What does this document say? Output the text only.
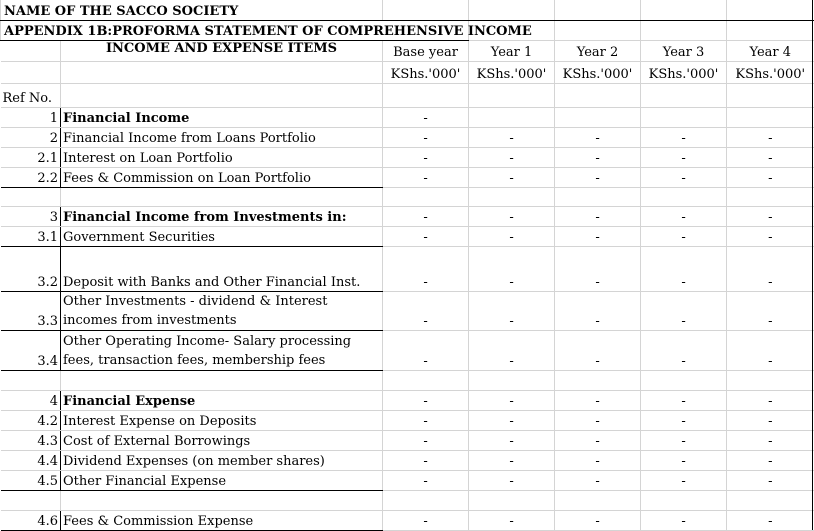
NAME OF THE SACCO SOCIETY						
APPENDIX 1B:PROFORMA STATEMENT OF COMPREHENSIVE INCOME						
	INCOME AND EXPENSE ITEMS	Base year	Year 1	Year 2	Year 3	Year 4
		KShs.'000'	KShs.'000'	KShs.'000'	KShs.'000'	KShs.'000'
Ref No.						
1	Financial Income	-				
2	Financial Income from Loans Portfolio	-	-	-	-	-
2.1	Interest on Loan Portfolio	-	-	-	-	-
2.2	Fees & Commission on Loan Portfolio	-	-	-	-	-

3	Financial Income from Investments in:	-	-	-	-	-
3.1	Government Securities	-	-	-	-	-
3.2	Deposit with Banks and Other Financial Inst.	-	-	-	-	-
3.3	Other Investments - dividend & Interest incomes from investments	-	-	-	-	-
3.4	Other Operating Income- Salary processing fees, transaction fees, membership fees	-	-	-	-	-

4	Financial Expense	-	-	-	-	-
4.2	Interest Expense on Deposits	-	-	-	-	-
4.3	Cost of External Borrowings	-	-	-	-	-
4.4	Dividend Expenses (on member shares)	-	-	-	-	-
4.5	Other Financial Expense	-	-	-	-	-

4.6	Fees & Commission Expense	-	-	-	-	-
